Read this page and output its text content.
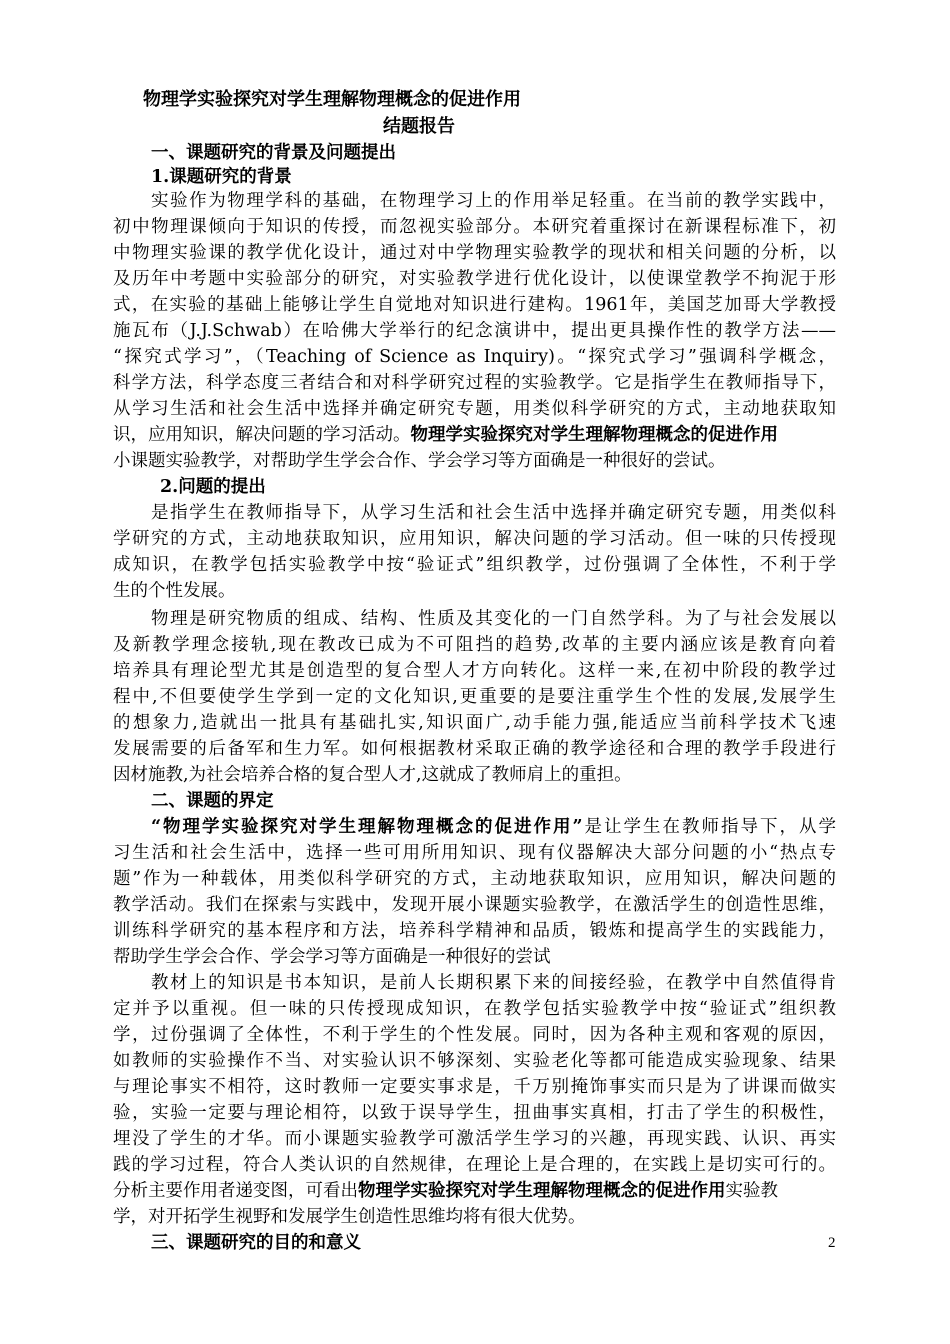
物理学实验探究对学生理解物理概念的促进作用
结题报告
一、课题研究的背景及问题提出
1.课题研究的背景
实验作为物理学科的基础，在物理学习上的作用举足轻重。在当前的教学实践中，
初中物理课倾向于知识的传授，而忽视实验部分。本研究着重探讨在新课程标准下，初
中物理实验课的教学优化设计，通过对中学物理实验教学的现状和相关问题的分析，以
及历年中考题中实验部分的研究，对实验教学进行优化设计，以使课堂教学不拘泥于形
式，在实验的基础上能够让学生自觉地对知识进行建构。1961年，美国芝加哥大学教授
施瓦布（J.J.Schwab）在哈佛大学举行的纪念演讲中，提出更具操作性的教学方法——
“探究式学习”，（Teaching of Science as Inquiry)。“探究式学习”强调科学概念，
科学方法，科学态度三者结合和对科学研究过程的实验教学。它是指学生在教师指导下，
从学习生活和社会生活中选择并确定研究专题，用类似科学研究的方式，主动地获取知
识，应用知识，解决问题的学习活动。物理学实验探究对学生理解物理概念的促进作用
小课题实验教学，对帮助学生学会合作、学会学习等方面确是一种很好的尝试。
2.问题的提出
是指学生在教师指导下，从学习生活和社会生活中选择并确定研究专题，用类似科
学研究的方式，主动地获取知识，应用知识，解决问题的学习活动。但一味的只传授现
成知识，在教学包括实验教学中按“验证式”组织教学，过份强调了全体性，不利于学
生的个性发展。
物理是研究物质的组成、结构、性质及其变化的一门自然学科。为了与社会发展以
及新教学理念接轨,现在教改已成为不可阻挡的趋势,改革的主要内涵应该是教育向着
培养具有理论型尤其是创造型的复合型人才方向转化。这样一来,在初中阶段的教学过
程中,不但要使学生学到一定的文化知识,更重要的是要注重学生个性的发展,发展学生
的想象力,造就出一批具有基础扎实,知识面广,动手能力强,能适应当前科学技术飞速
发展需要的后备军和生力军。如何根据教材采取正确的教学途径和合理的教学手段进行
因材施教,为社会培养合格的复合型人才,这就成了教师肩上的重担。
二、课题的界定
“物理学实验探究对学生理解物理概念的促进作用”是让学生在教师指导下，从学
习生活和社会生活中，选择一些可用所用知识、现有仪器解决大部分问题的小“热点专
题”作为一种载体，用类似科学研究的方式，主动地获取知识，应用知识，解决问题的
教学活动。我们在探索与实践中，发现开展小课题实验教学，在激活学生的创造性思维，
训练科学研究的基本程序和方法，培养科学精神和品质，锻炼和提高学生的实践能力，
帮助学生学会合作、学会学习等方面确是一种很好的尝试
教材上的知识是书本知识，是前人长期积累下来的间接经验，在教学中自然值得肯
定并予以重视。但一味的只传授现成知识，在教学包括实验教学中按“验证式”组织教
学，过份强调了全体性，不利于学生的个性发展。同时，因为各种主观和客观的原因，
如教师的实验操作不当、对实验认识不够深刻、实验老化等都可能造成实验现象、结果
与理论事实不相符，这时教师一定要实事求是，千万别掩饰事实而只是为了讲课而做实
验，实验一定要与理论相符，以致于误导学生，扭曲事实真相，打击了学生的积极性，
埋没了学生的才华。而小课题实验教学可激活学生学习的兴趣，再现实践、认识、再实
践的学习过程，符合人类认识的自然规律，在理论上是合理的，在实践上是切实可行的。
分析主要作用者递变图，可看出物理学实验探究对学生理解物理概念的促进作用实验教
学，对开拓学生视野和发展学生创造性思维均将有很大优势。
三、课题研究的目的和意义	2
